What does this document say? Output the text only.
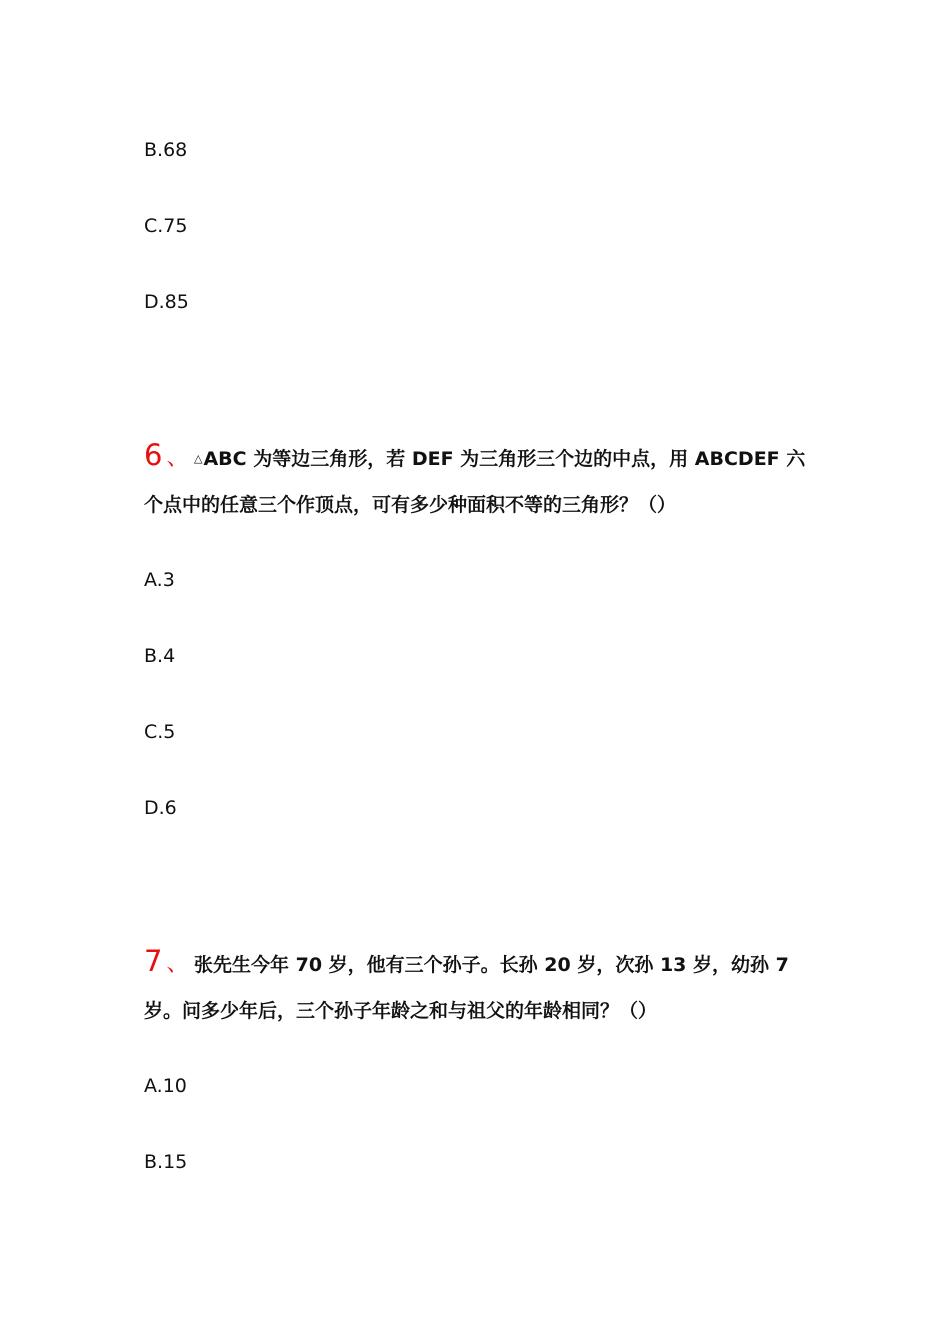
B.68
C.75
D.85
6 、 △ABC 为等边三角形，若 DEF 为三角形三个边的中点，用 ABCDEF 六
个点中的任意三个作顶点，可有多少种面积不等的三角形？（）
A.3
B.4
C.5
D.6
7 、 张先生今年 70 岁，他有三个孙子。长孙 20 岁，次孙 13 岁，幼孙 7
岁。问多少年后，三个孙子年龄之和与祖父的年龄相同？（）
A.10
B.15
